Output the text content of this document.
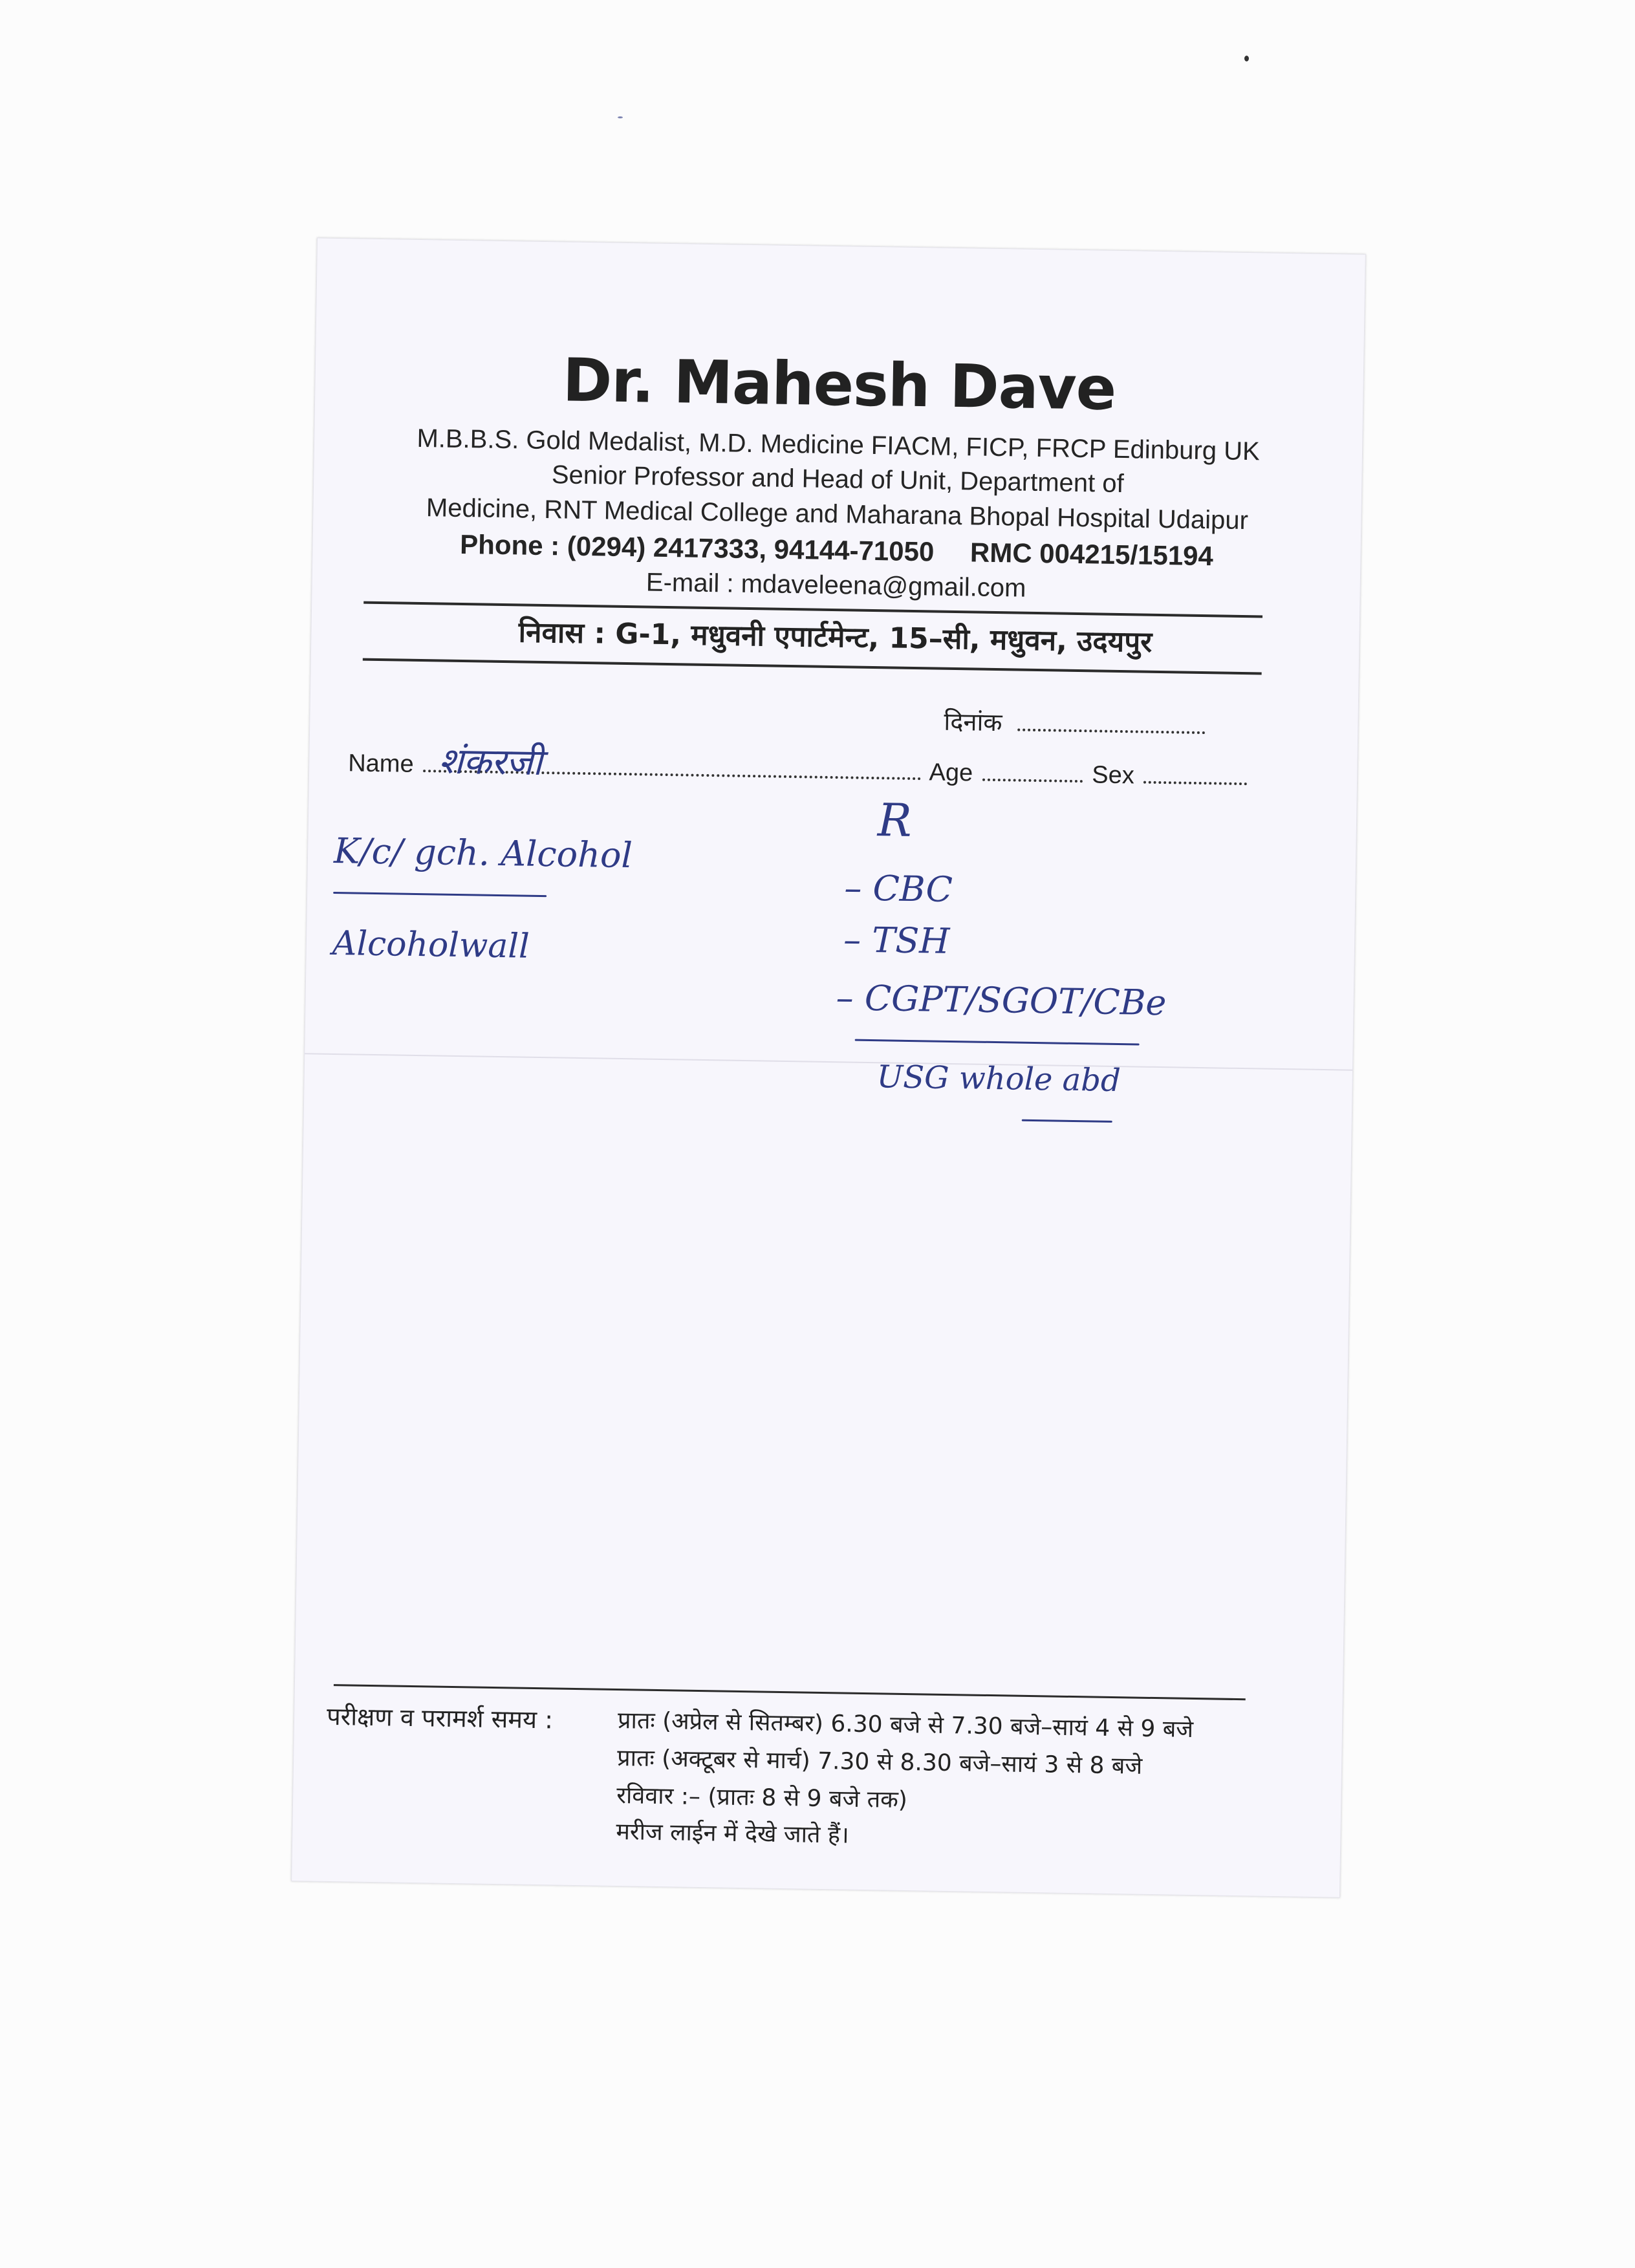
Dr. Mahesh Dave
M.B.B.S. Gold Medalist, M.D. Medicine FIACM, FICP, FRCP Edinburg UK
Senior Professor and Head of Unit, Department of
Medicine, RNT Medical College and Maharana Bhopal Hospital Udaipur
Phone : (0294) 2417333, 94144-71050 RMC 004215/15194
E-mail : mdaveleena@gmail.com
निवास : G-1, मधुवनी एपार्टमेन्ट, 15–सी, मधुवन, उदयपुर
दिनांक
Name	Age	Sex
शंकरजी
K/c/ gch. Alcohol
Alcoholwall
R
– CBC
– TSH
– CGPT/SGOT/CBe
USG whole abd
परीक्षण व परामर्श समय :	प्रातः (अप्रेल से सितम्बर) 6.30 बजे से 7.30 बजे–सायं 4 से 9 बजे
प्रातः (अक्टूबर से मार्च) 7.30 से 8.30 बजे–सायं 3 से 8 बजे
रविवार :– (प्रातः 8 से 9 बजे तक)
मरीज लाईन में देखे जाते हैं।
